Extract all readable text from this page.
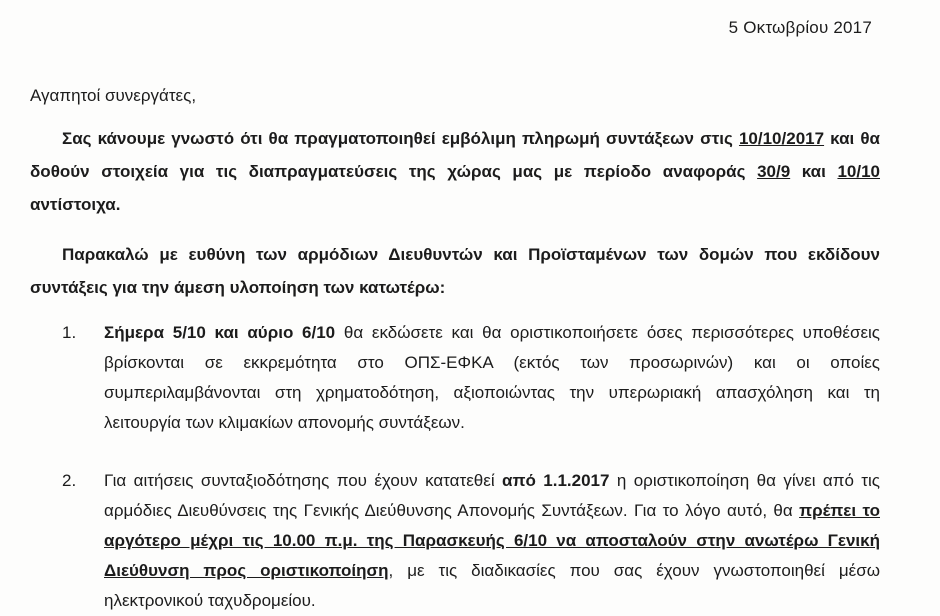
5 Οκτωβρίου 2017
Αγαπητοί συνεργάτες,
Σας κάνουμε γνωστό ότι θα πραγματοποιηθεί εμβόλιμη πληρωμή συντάξεων στις 10/10/2017 και θα δοθούν στοιχεία για τις διαπραγματεύσεις της χώρας μας με περίοδο αναφοράς 30/9 και 10/10 αντίστοιχα.
Παρακαλώ με ευθύνη των αρμόδιων Διευθυντών και Προϊσταμένων των δομών που εκδίδουν συντάξεις για την άμεση υλοποίηση των κατωτέρω:
1.	Σήμερα 5/10 και αύριο 6/10 θα εκδώσετε και θα οριστικοποιήσετε όσες περισσότερες υποθέσεις βρίσκονται σε εκκρεμότητα στο ΟΠΣ-ΕΦΚΑ (εκτός των προσωρινών) και οι οποίες συμπεριλαμβάνονται στη χρηματοδότηση, αξιοποιώντας την υπερωριακή απασχόληση και τη λειτουργία των κλιμακίων απονομής συντάξεων.
2.	Για αιτήσεις συνταξιοδότησης που έχουν κατατεθεί από 1.1.2017 η οριστικοποίηση θα γίνει από τις αρμόδιες Διευθύνσεις της Γενικής Διεύθυνσης Απονομής Συντάξεων. Για το λόγο αυτό, θα πρέπει το αργότερο μέχρι τις 10.00 π.μ. της Παρασκευής 6/10 να αποσταλούν στην ανωτέρω Γενική Διεύθυνση προς οριστικοποίηση, με τις διαδικασίες που σας έχουν γνωστοποιηθεί μέσω ηλεκτρονικού ταχυδρομείου.
